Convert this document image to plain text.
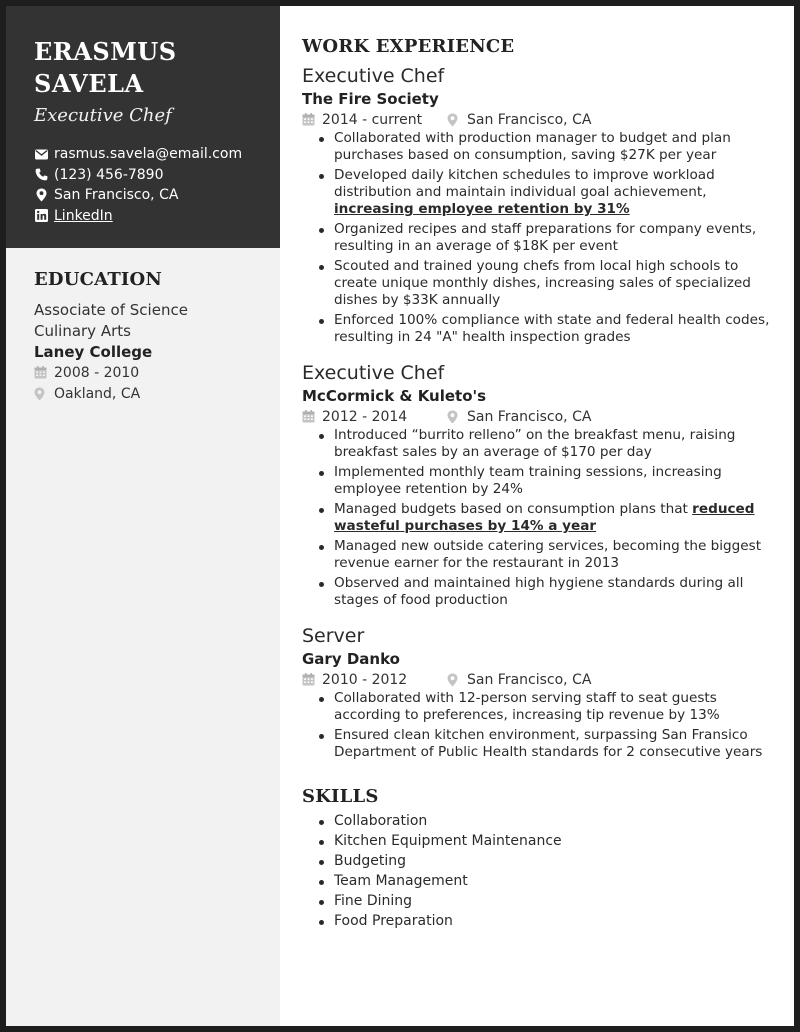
ERASMUS
SAVELA
Executive Chef
rasmus.savela@email.com
(123) 456-7890
San Francisco, CA
LinkedIn
EDUCATION
Associate of Science
Culinary Arts
Laney College
2008 - 2010
Oakland, CA
WORK EXPERIENCE
Executive Chef
The Fire Society
2014 - current	San Francisco, CA
Collaborated with production manager to budget and plan purchases based on consumption, saving $27K per year
Developed daily kitchen schedules to improve workload distribution and maintain individual goal achievement, increasing employee retention by 31%
Organized recipes and staff preparations for company events, resulting in an average of $18K per event
Scouted and trained young chefs from local high schools to create unique monthly dishes, increasing sales of specialized dishes by $33K annually
Enforced 100% compliance with state and federal health codes, resulting in 24 "A" health inspection grades
Executive Chef
McCormick & Kuleto's
2012 - 2014	San Francisco, CA
Introduced “burrito relleno” on the breakfast menu, raising breakfast sales by an average of $170 per day
Implemented monthly team training sessions, increasing employee retention by 24%
Managed budgets based on consumption plans that reduced wasteful purchases by 14% a year
Managed new outside catering services, becoming the biggest revenue earner for the restaurant in 2013
Observed and maintained high hygiene standards during all stages of food production
Server
Gary Danko
2010 - 2012	San Francisco, CA
Collaborated with 12-person serving staff to seat guests according to preferences, increasing tip revenue by 13%
Ensured clean kitchen environment, surpassing San Fransico Department of Public Health standards for 2 consecutive years
SKILLS
Collaboration
Kitchen Equipment Maintenance
Budgeting
Team Management
Fine Dining
Food Preparation
